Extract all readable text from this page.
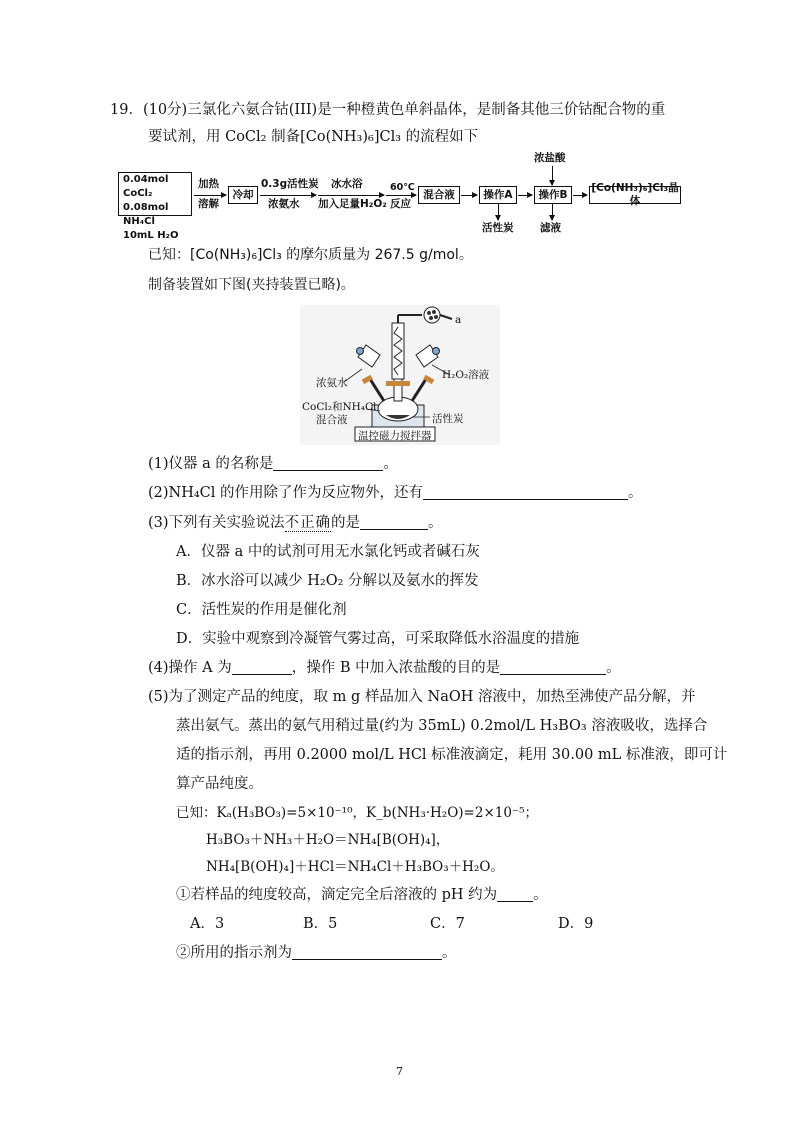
19．(10分)三氯化六氨合钴(III)是一种橙黄色单斜晶体，是制备其他三价钴配合物的重
要试剂，用 CoCl₂ 制备[Co(NH₃)₆]Cl₃ 的流程如下
0.04mol CoCl₂
0.08mol NH₄Cl
10mL H₂O
加热
溶解
冷却
0.3g活性炭
浓氨水
冰水浴
加入足量H₂O₂
60℃
反应
混合液	操作A
活性炭
浓盐酸
操作B
滤液
[Co(NH₃)₆]Cl₃晶体
已知：[Co(NH₃)₆]Cl₃ 的摩尔质量为 267.5 g/mol。
制备装置如下图(夹持装置已略)。
a
浓氨水
H₂O₂溶液
CoCl₂和NH₄Cl
混合液	活性炭
温控磁力搅拌器
(1)仪器 a 的名称是	。
(2)NH₄Cl 的作用除了作为反应物外，还有	。
(3)下列有关实验说法不正确的是	。
A．仪器 a 中的试剂可用无水氯化钙或者碱石灰
B．冰水浴可以减少 H₂O₂ 分解以及氨水的挥发
C．活性炭的作用是催化剂
D．实验中观察到冷凝管气雾过高，可采取降低水浴温度的措施
(4)操作 A 为	，操作 B 中加入浓盐酸的目的是	。
(5)为了测定产品的纯度，取 m g 样品加入 NaOH 溶液中，加热至沸使产品分解，并
蒸出氨气。蒸出的氨气用稍过量(约为 35mL) 0.2mol/L H₃BO₃ 溶液吸收，选择合
适的指示剂，再用 0.2000 mol/L HCl 标准液滴定，耗用 30.00 mL 标准液，即可计
算产品纯度。
已知：Kₐ(H₃BO₃)=5×10⁻¹⁰，K_b(NH₃·H₂O)=2×10⁻⁵；
H₃BO₃＋NH₃＋H₂O＝NH₄[B(OH)₄]，
NH₄[B(OH)₄]＋HCl＝NH₄Cl＋H₃BO₃＋H₂O。
①若样品的纯度较高，滴定完全后溶液的 pH 约为 。
A．3	B．5	C．7	D．9
②所用的指示剂为	。
7
